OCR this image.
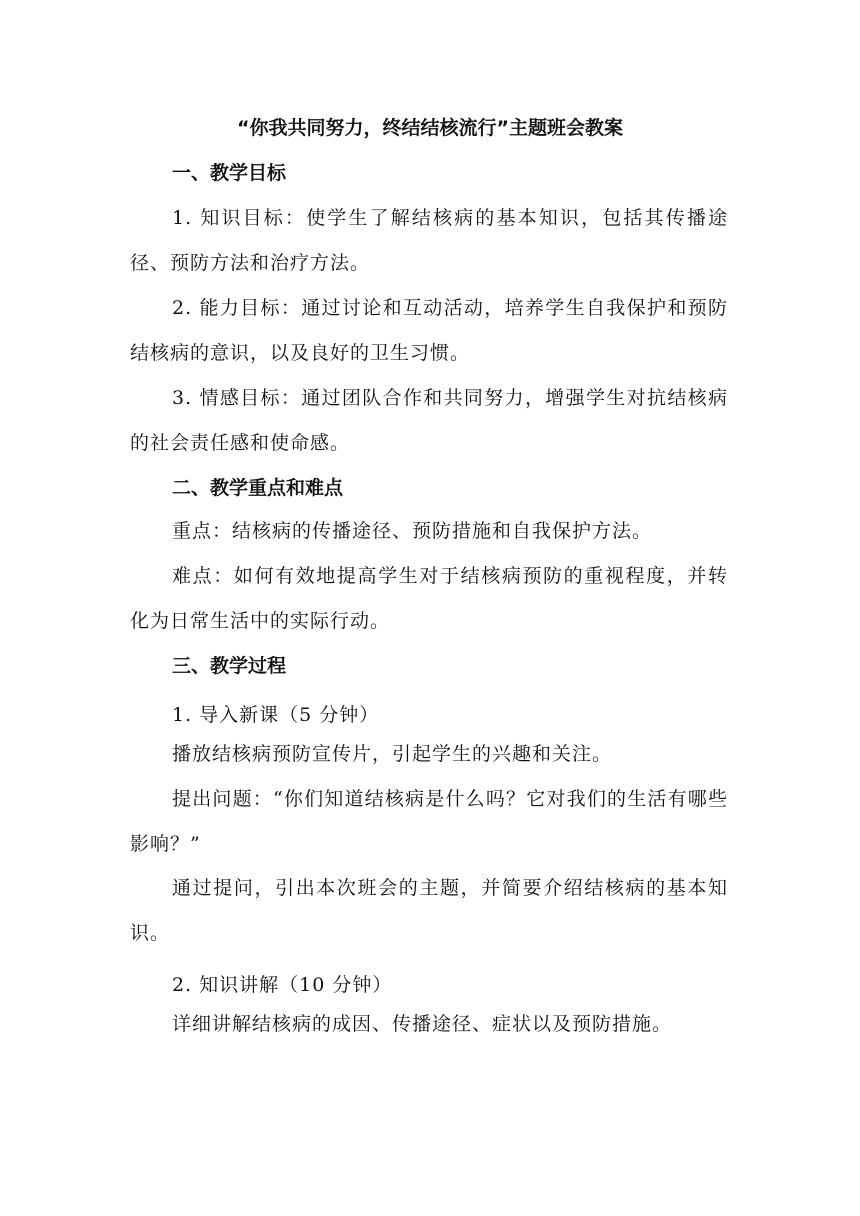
“你我共同努力，终结结核流行”主题班会教案
一、教学目标
1. 知识目标：使学生了解结核病的基本知识，包括其传播途径、预防方法和治疗方法。
2. 能力目标：通过讨论和互动活动，培养学生自我保护和预防结核病的意识，以及良好的卫生习惯。
3. 情感目标：通过团队合作和共同努力，增强学生对抗结核病的社会责任感和使命感。
二、教学重点和难点
重点：结核病的传播途径、预防措施和自我保护方法。
难点：如何有效地提高学生对于结核病预防的重视程度，并转化为日常生活中的实际行动。
三、教学过程
1. 导入新课（5 分钟）
播放结核病预防宣传片，引起学生的兴趣和关注。
提出问题：“你们知道结核病是什么吗？它对我们的生活有哪些影响？”
通过提问，引出本次班会的主题，并简要介绍结核病的基本知识。
2. 知识讲解（10 分钟）
详细讲解结核病的成因、传播途径、症状以及预防措施。
